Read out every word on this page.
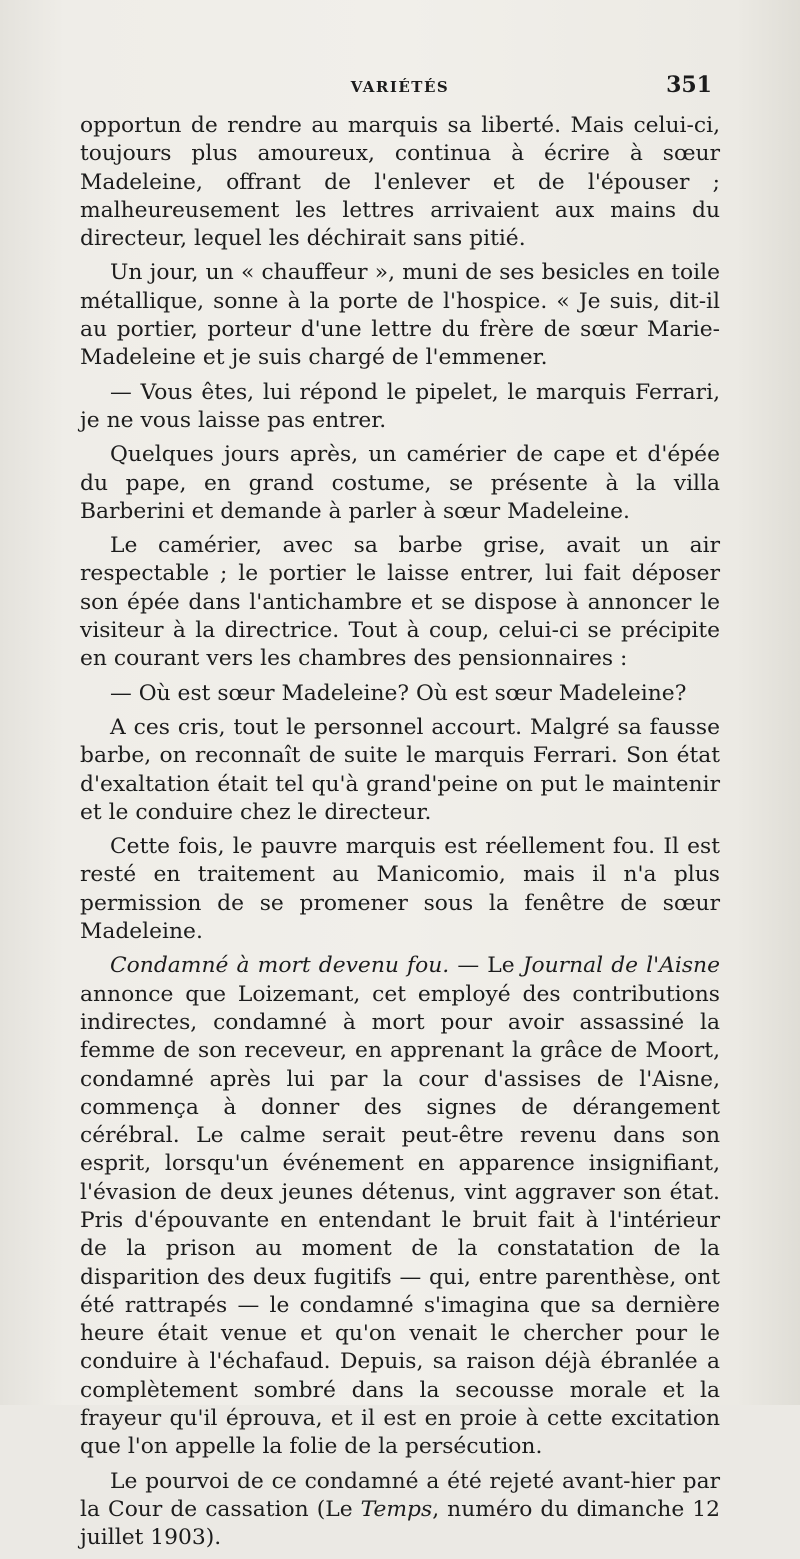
VARIÉTÉS	351

opportun de rendre au marquis sa liberté. Mais celui-ci, toujours plus amoureux, continua à écrire à sœur Madeleine, offrant de l'enlever et de l'épouser ; malheureusement les lettres arrivaient aux mains du directeur, lequel les déchirait sans pitié.

Un jour, un « chauffeur », muni de ses besicles en toile métallique, sonne à la porte de l'hospice. « Je suis, dit-il au portier, porteur d'une lettre du frère de sœur Marie-Madeleine et je suis chargé de l'emmener.

— Vous êtes, lui répond le pipelet, le marquis Ferrari, je ne vous laisse pas entrer.

Quelques jours après, un camérier de cape et d'épée du pape, en grand costume, se présente à la villa Barberini et demande à parler à sœur Madeleine.

Le camérier, avec sa barbe grise, avait un air respectable ; le portier le laisse entrer, lui fait déposer son épée dans l'antichambre et se dispose à annoncer le visiteur à la directrice. Tout à coup, celui-ci se précipite en courant vers les chambres des pensionnaires :

— Où est sœur Madeleine? Où est sœur Madeleine?

A ces cris, tout le personnel accourt. Malgré sa fausse barbe, on reconnaît de suite le marquis Ferrari. Son état d'exaltation était tel qu'à grand'peine on put le maintenir et le conduire chez le directeur.

Cette fois, le pauvre marquis est réellement fou. Il est resté en traitement au Manicomio, mais il n'a plus permission de se promener sous la fenêtre de sœur Madeleine.

Condamné à mort devenu fou. — Le Journal de l'Aisne annonce que Loizemant, cet employé des contributions indirectes, condamné à mort pour avoir assassiné la femme de son receveur, en apprenant la grâce de Moort, condamné après lui par la cour d'assises de l'Aisne, commença à donner des signes de dérangement cérébral. Le calme serait peut-être revenu dans son esprit, lorsqu'un événement en apparence insignifiant, l'évasion de deux jeunes détenus, vint aggraver son état. Pris d'épouvante en entendant le bruit fait à l'intérieur de la prison au moment de la constatation de la disparition des deux fugitifs — qui, entre parenthèse, ont été rattrapés — le condamné s'imagina que sa dernière heure était venue et qu'on venait le chercher pour le conduire à l'échafaud. Depuis, sa raison déjà ébranlée a complètement sombré dans la secousse morale et la frayeur qu'il éprouva, et il est en proie à cette excitation que l'on appelle la folie de la persécution.

Le pourvoi de ce condamné a été rejeté avant-hier par la Cour de cassation (Le Temps, numéro du dimanche 12 juillet 1903).
